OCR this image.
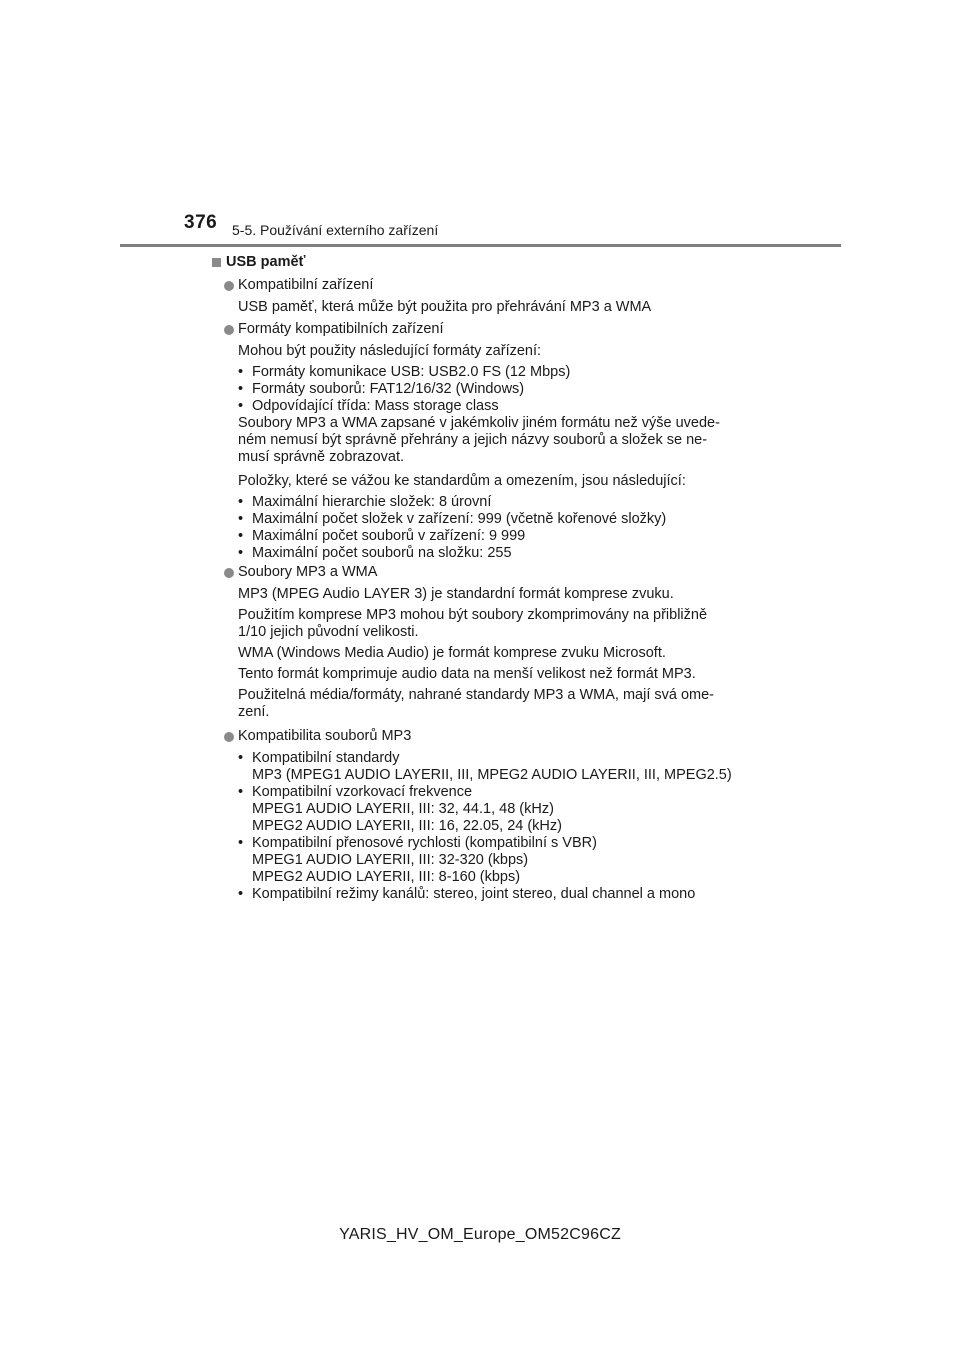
376 5-5. Používání externího zařízení
USB paměť
Kompatibilní zařízení
USB paměť, která může být použita pro přehrávání MP3 a WMA
Formáty kompatibilních zařízení
Mohou být použity následující formáty zařízení:
• Formáty komunikace USB: USB2.0 FS (12 Mbps)
• Formáty souborů: FAT12/16/32 (Windows)
• Odpovídající třída: Mass storage class
Soubory MP3 a WMA zapsané v jakémkoliv jiném formátu než výše uvede-
ném nemusí být správně přehrány a jejich názvy souborů a složek se ne-
musí správně zobrazovat.
Položky, které se vážou ke standardům a omezením, jsou následující:
• Maximální hierarchie složek: 8 úrovní
• Maximální počet složek v zařízení: 999 (včetně kořenové složky)
• Maximální počet souborů v zařízení: 9 999
• Maximální počet souborů na složku: 255
Soubory MP3 a WMA
MP3 (MPEG Audio LAYER 3) je standardní formát komprese zvuku.
Použitím komprese MP3 mohou být soubory zkomprimovány na přibližně
1/10 jejich původní velikosti.
WMA (Windows Media Audio) je formát komprese zvuku Microsoft.
Tento formát komprimuje audio data na menší velikost než formát MP3.
Použitelná média/formáty, nahrané standardy MP3 a WMA, mají svá ome-
zení.
Kompatibilita souborů MP3
• Kompatibilní standardy
MP3 (MPEG1 AUDIO LAYERII, III, MPEG2 AUDIO LAYERII, III, MPEG2.5)
• Kompatibilní vzorkovací frekvence
MPEG1 AUDIO LAYERII, III: 32, 44.1, 48 (kHz)
MPEG2 AUDIO LAYERII, III: 16, 22.05, 24 (kHz)
• Kompatibilní přenosové rychlosti (kompatibilní s VBR)
MPEG1 AUDIO LAYERII, III: 32-320 (kbps)
MPEG2 AUDIO LAYERII, III: 8-160 (kbps)
• Kompatibilní režimy kanálů: stereo, joint stereo, dual channel a mono
YARIS_HV_OM_Europe_OM52C96CZ
